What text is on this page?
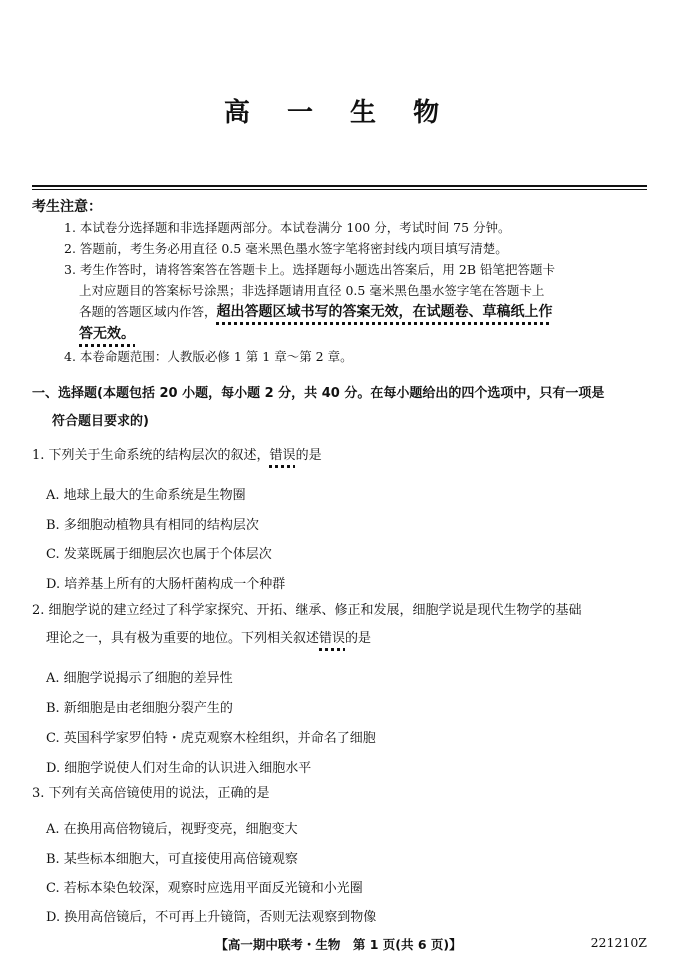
高 一 生 物
考生注意：
1. 本试卷分选择题和非选择题两部分。本试卷满分 100 分，考试时间 75 分钟。
2. 答题前，考生务必用直径 0.5 毫米黑色墨水签字笔将密封线内项目填写清楚。
3. 考生作答时，请将答案答在答题卡上。选择题每小题选出答案后，用 2B 铅笔把答题卡
上对应题目的答案标号涂黑；非选择题请用直径 0.5 毫米黑色墨水签字笔在答题卡上
各题的答题区域内作答，超出答题区域书写的答案无效，在试题卷、草稿纸上作
答无效。
4. 本卷命题范围：人教版必修 1 第 1 章～第 2 章。
一、选择题(本题包括 20 小题，每小题 2 分，共 40 分。在每小题给出的四个选项中，只有一项是
符合题目要求的)
1. 下列关于生命系统的结构层次的叙述，错误的是
A. 地球上最大的生命系统是生物圈
B. 多细胞动植物具有相同的结构层次
C. 发菜既属于细胞层次也属于个体层次
D. 培养基上所有的大肠杆菌构成一个种群
2. 细胞学说的建立经过了科学家探究、开拓、继承、修正和发展，细胞学说是现代生物学的基础
理论之一，具有极为重要的地位。下列相关叙述错误的是
A. 细胞学说揭示了细胞的差异性
B. 新细胞是由老细胞分裂产生的
C. 英国科学家罗伯特・虎克观察木栓组织，并命名了细胞
D. 细胞学说使人们对生命的认识进入细胞水平
3. 下列有关高倍镜使用的说法，正确的是
A. 在换用高倍物镜后，视野变亮，细胞变大
B. 某些标本细胞大，可直接使用高倍镜观察
C. 若标本染色较深，观察时应选用平面反光镜和小光圈
D. 换用高倍镜后，不可再上升镜筒，否则无法观察到物像
【高一期中联考・生物　第 1 页(共 6 页)】	221210Z
